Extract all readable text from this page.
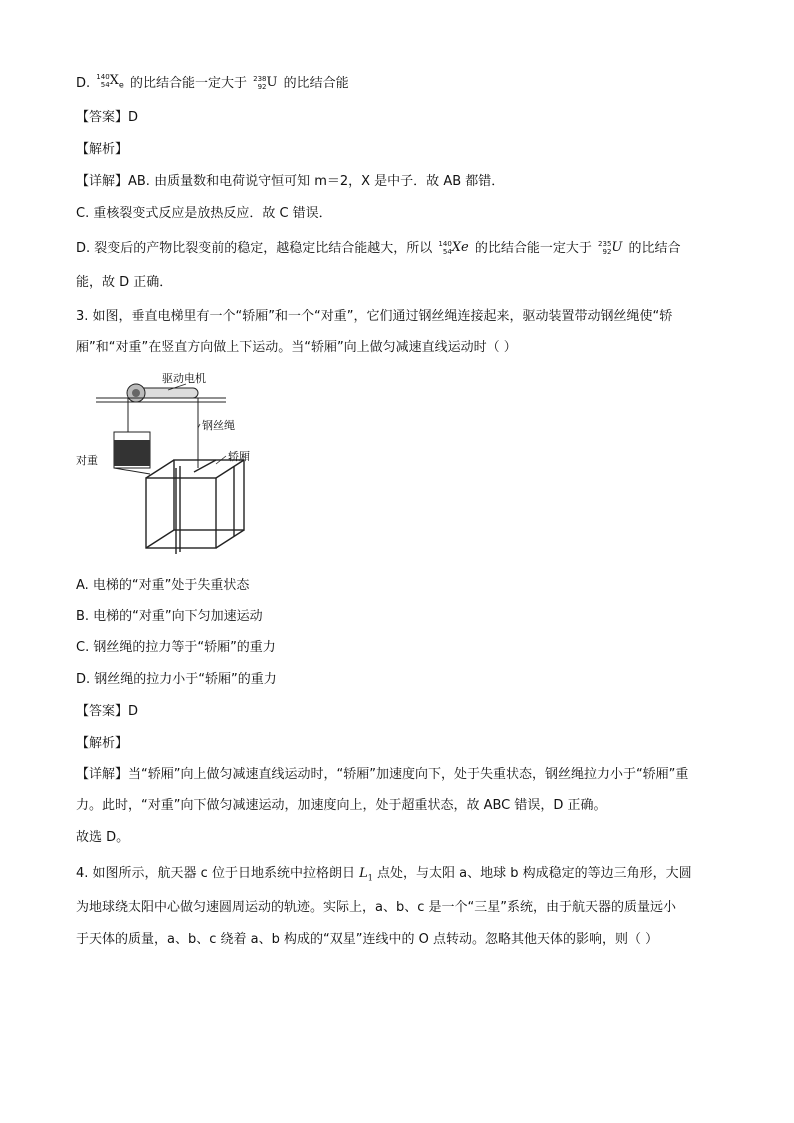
D. 140
54 $X_e$ 的比结合能一定大于 238
92 U 的比结合能
【答案】D
【解析】
【详解】AB. 由质量数和电荷说守恒可知 m＝2，X 是中子．故 AB 都错．
C. 重核裂变式反应是放热反应．故 C 错误．
D. 裂变后的产物比裂变前的稳定，越稳定比结合能越大，所以 140
54 Xe 的比结合能一定大于 235
92 U 的比结合
能，故 D 正确．
3. 如图，垂直电梯里有一个“轿厢”和一个“对重”，它们通过钢丝绳连接起来，驱动装置带动钢丝绳使“轿
厢”和“对重”在竖直方向做上下运动。当“轿厢”向上做匀减速直线运动时（ ）
驱动电机
钢丝绳
对重	轿厢
A. 电梯的“对重”处于失重状态
B. 电梯的“对重”向下匀加速运动
C. 钢丝绳的拉力等于“轿厢”的重力
D. 钢丝绳的拉力小于“轿厢”的重力
【答案】D
【解析】
【详解】当“轿厢”向上做匀减速直线运动时，“轿厢”加速度向下，处于失重状态，钢丝绳拉力小于“轿厢”重
力。此时，“对重”向下做匀减速运动，加速度向上，处于超重状态，故 ABC 错误，D 正确。
故选 D。
4. 如图所示，航天器 c 位于日地系统中拉格朗日 $L_1$ 点处，与太阳 a、地球 b 构成稳定的等边三角形，大圆
为地球绕太阳中心做匀速圆周运动的轨迹。实际上，a、b、c 是一个“三星”系统，由于航天器的质量远小
于天体的质量，a、b、c 绕着 a、b 构成的“双星”连线中的 O 点转动。忽略其他天体的影响，则（ ）
